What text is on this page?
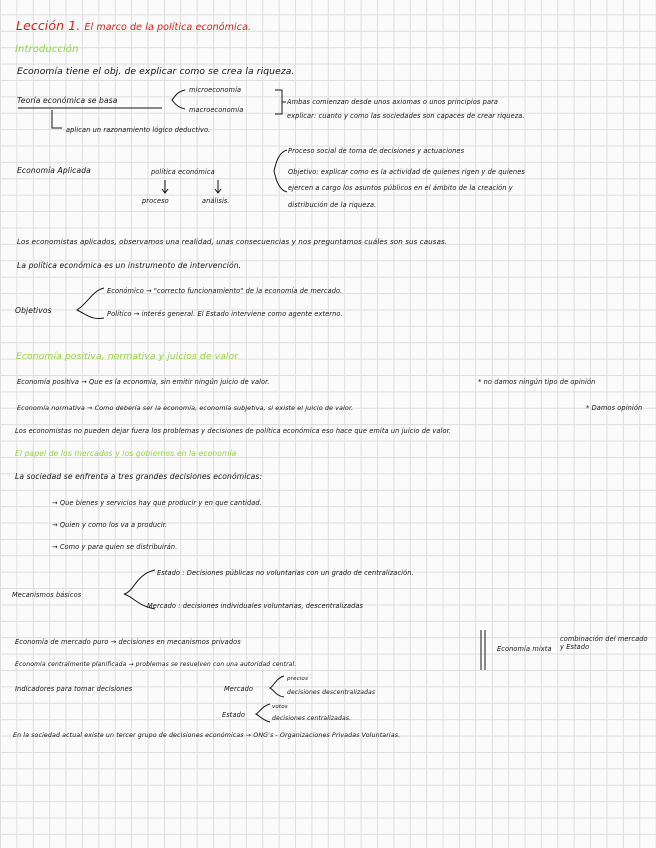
Lección 1. El marco de la política económica.
Introducción
Economía tiene el obj. de explicar como se crea la riqueza.
Teoría económica se basa
microeconomía
macroeconomía
Ambas comienzan desde unos axiomas o unos principios para
explicar: cuanto y como las sociedades son capaces de crear riqueza.
aplican un razonamiento lógico deductivo.
Economía Aplicada	política económica
Proceso social de toma de decisiones y actuaciones
Objetivo: explicar como es la actividad de quienes rigen y de quienes
ejercen a cargo los asuntos públicos en el ámbito de la creación y
distribución de la riqueza.
proceso	análisis.
Los economistas aplicados, observamos una realidad, unas consecuencias y nos preguntamos cuáles son sus causas.
La política económica es un instrumento de intervención.
Económico → "correcto funcionamiento" de la economía de mercado.
Objetivos	Político → interés general. El Estado interviene como agente externo.
Economía positiva, normativa y juicios de valor
Economía positiva → Que es la economía, sin emitir ningún juicio de valor.	* no damos ningún tipo de opinión
Economía normativa → Como debería ser la economía, economía subjetiva, si existe el juicio de valor.	* Damos opinión
Los economistas no pueden dejar fuera los problemas y decisiones de política económica eso hace que emita un juicio de valor.
El papel de los mercados y los gobiernos en la economía
La sociedad se enfrenta a tres grandes decisiones económicas:
→ Que bienes y servicios hay que producir y en que cantidad.
→ Quien y como los va a producir.
→ Como y para quien se distribuirán.
Estado : Decisiones públicas no voluntarias con un grado de centralización.
Mecanismos básicos
Mercado : decisiones individuales voluntarias, descentralizadas
Economía de mercado puro → decisiones en mecanismos privados
Economía centralmente planificada → problemas se resuelven con una autoridad central.
Economía mixta
combinación del mercado y Estado
Indicadores para tomar decisiones	Mercado
precios
decisiones descentralizadas
Estado
votos
decisiones centralizadas.
En la sociedad actual existe un tercer grupo de decisiones económicas → ONG's - Organizaciones Privadas Voluntarias.
